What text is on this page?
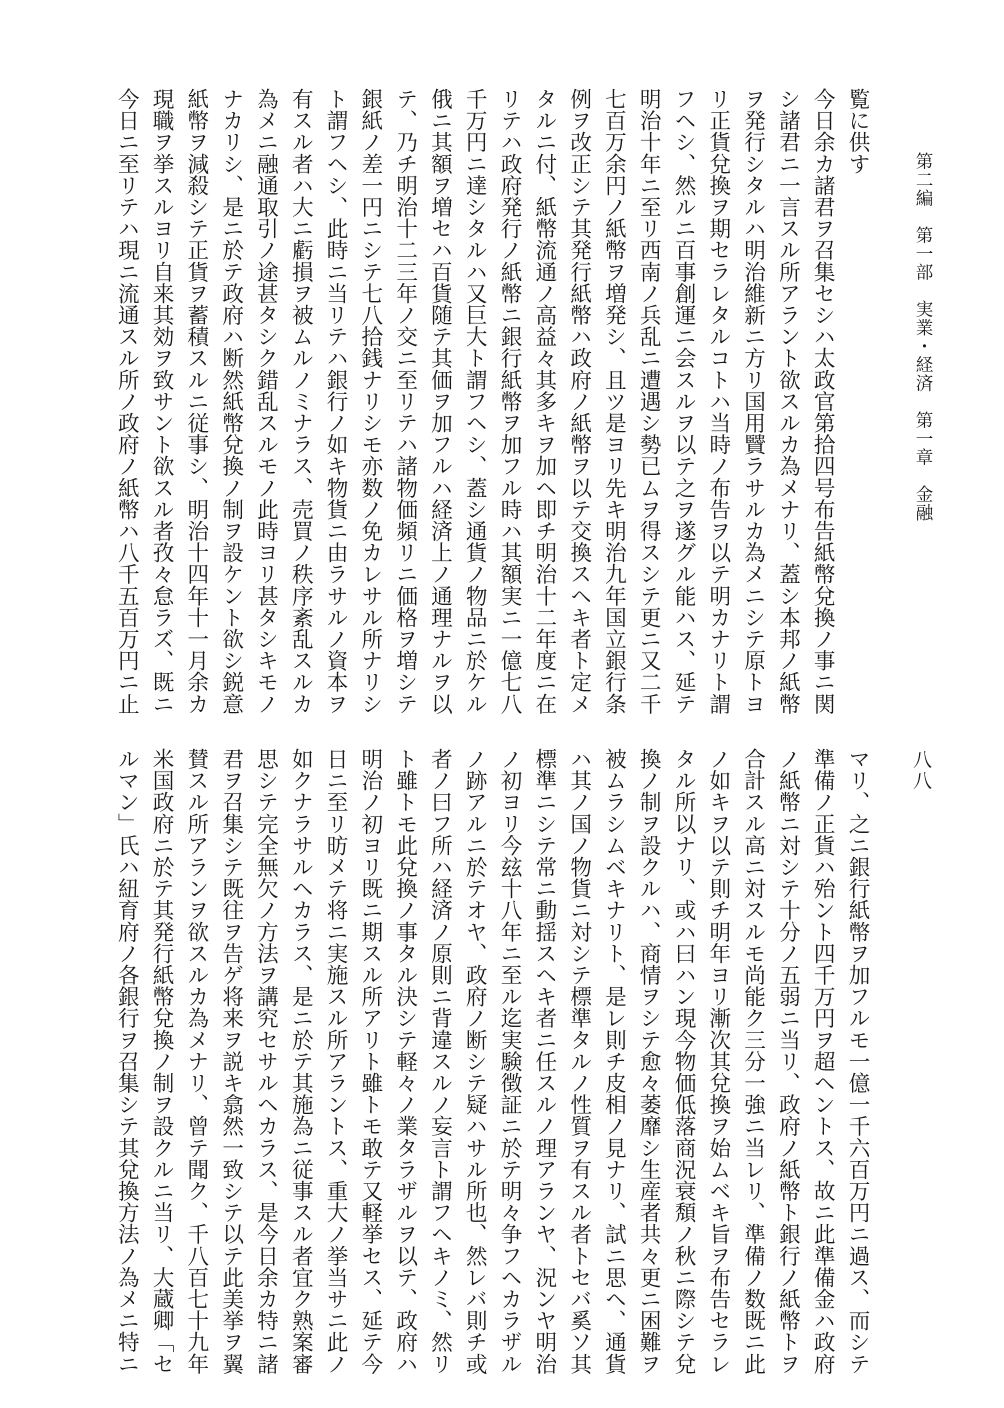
第二編　第一部　実業・経済　第一章　金融
八八
覧に供す
今日余カ諸君ヲ召集セシハ太政官第拾四号布告紙幣兌換ノ事ニ関
シ諸君ニ一言スル所アラント欲スルカ為メナリ、蓋シ本邦ノ紙幣
ヲ発行シタルハ明治維新ニ方リ国用贒ラサルカ為メニシテ原トヨ
リ正貨兌換ヲ期セラレタルコトハ当時ノ布告ヲ以テ明カナリト謂
フヘシ、然ルニ百事創運ニ会スルヲ以テ之ヲ遂グル能ハス、延テ
明治十年ニ至リ西南ノ兵乱ニ遭遇シ勢已ムヲ得スシテ更ニ又二千
七百万余円ノ紙幣ヲ増発シ、且ツ是ヨリ先キ明治九年国立銀行条
例ヲ改正シテ其発行紙幣ハ政府ノ紙幣ヲ以テ交換スヘキ者ト定メ
タルニ付、紙幣流通ノ高益々其多キヲ加ヘ即チ明治十二年度ニ在
リテハ政府発行ノ紙幣ニ銀行紙幣ヲ加フル時ハ其額実ニ一億七八
千万円ニ達シタルハ又巨大ト謂フヘシ、蓋シ通貨ノ物品ニ於ケル
俄ニ其額ヲ増セハ百貨随テ其価ヲ加フルハ経済上ノ通理ナルヲ以
テ、乃チ明治十二三年ノ交ニ至リテハ諸物価頻リニ価格ヲ増シテ
銀紙ノ差一円ニシテ七八拾銭ナリシモ亦数ノ免カレサル所ナリシ
ト謂フヘシ、此時ニ当リテハ銀行ノ如キ物貨ニ由ラサルノ資本ヲ
有スル者ハ大ニ虧損ヲ被ムルノミナラス、売買ノ秩序紊乱スルカ
為メニ融通取引ノ途甚タシク錯乱スルモノ此時ヨリ甚タシキモノ
ナカリシ、是ニ於テ政府ハ断然紙幣兌換ノ制ヲ設ケント欲シ鋭意
紙幣ヲ減殺シテ正貨ヲ蓄積スルニ従事シ、明治十四年十一月余カ
現職ヲ挙スルヨリ自来其効ヲ致サント欲スル者孜々怠ラズ、既ニ
今日ニ至リテハ現ニ流通スル所ノ政府ノ紙幣ハ八千五百万円ニ止
マリ、之ニ銀行紙幣ヲ加フルモ一億一千六百万円ニ過ス、而シテ
準備ノ正貨ハ殆ント四千万円ヲ超ヘントス、故ニ此準備金ハ政府
ノ紙幣ニ対シテ十分ノ五弱ニ当リ、政府ノ紙幣ト銀行ノ紙幣トヲ
合計スル高ニ対スルモ尚能ク三分一強ニ当レリ、準備ノ数既ニ此
ノ如キヲ以テ則チ明年ヨリ漸次其兌換ヲ始ムベキ旨ヲ布告セラレ
タル所以ナリ、或ハ曰ハン現今物価低落商況衰頽ノ秋ニ際シテ兌
換ノ制ヲ設クルハ、商情ヲシテ愈々萎靡シ生産者共々更ニ困難ヲ
被ムラシムベキナリト、是レ則チ皮相ノ見ナリ、試ニ思ヘ、通貨
ハ其ノ国ノ物貨ニ対シテ標準タルノ性質ヲ有スル者トセバ奚ソ其
標準ニシテ常ニ動揺スヘキ者ニ任スルノ理アランヤ、況ンヤ明治
ノ初ヨリ今玆十八年ニ至ル迄実験徴証ニ於テ明々争フヘカラザル
ノ跡アルニ於テオヤ、政府ノ断シテ疑ハサル所也、然レバ則チ或
者ノ曰フ所ハ経済ノ原則ニ背違スルノ妄言ト謂フヘキノミ、然リ
ト雖トモ此兌換ノ事タル決シテ軽々ノ業タラザルヲ以テ、政府ハ
明治ノ初ヨリ既ニ期スル所アリト雖トモ敢テ又軽挙セス、延テ今
日ニ至リ昉メテ将ニ実施スル所アラントス、重大ノ挙当サニ此ノ
如クナラサルヘカラス、是ニ於テ其施為ニ従事スル者宜ク熟案審
思シテ完全無欠ノ方法ヲ講究セサルヘカラス、是今日余カ特ニ諸
君ヲ召集シテ既往ヲ告ゲ将来ヲ説キ翕然一致シテ以テ此美挙ヲ翼
賛スル所アランヲ欲スルカ為メナリ、曾テ聞ク、千八百七十九年
米国政府ニ於テ其発行紙幣兌換ノ制ヲ設クルニ当リ、大蔵卿「セ
ルマン」氏ハ紐育府ノ各銀行ヲ召集シテ其兌換方法ノ為メニ特ニ
